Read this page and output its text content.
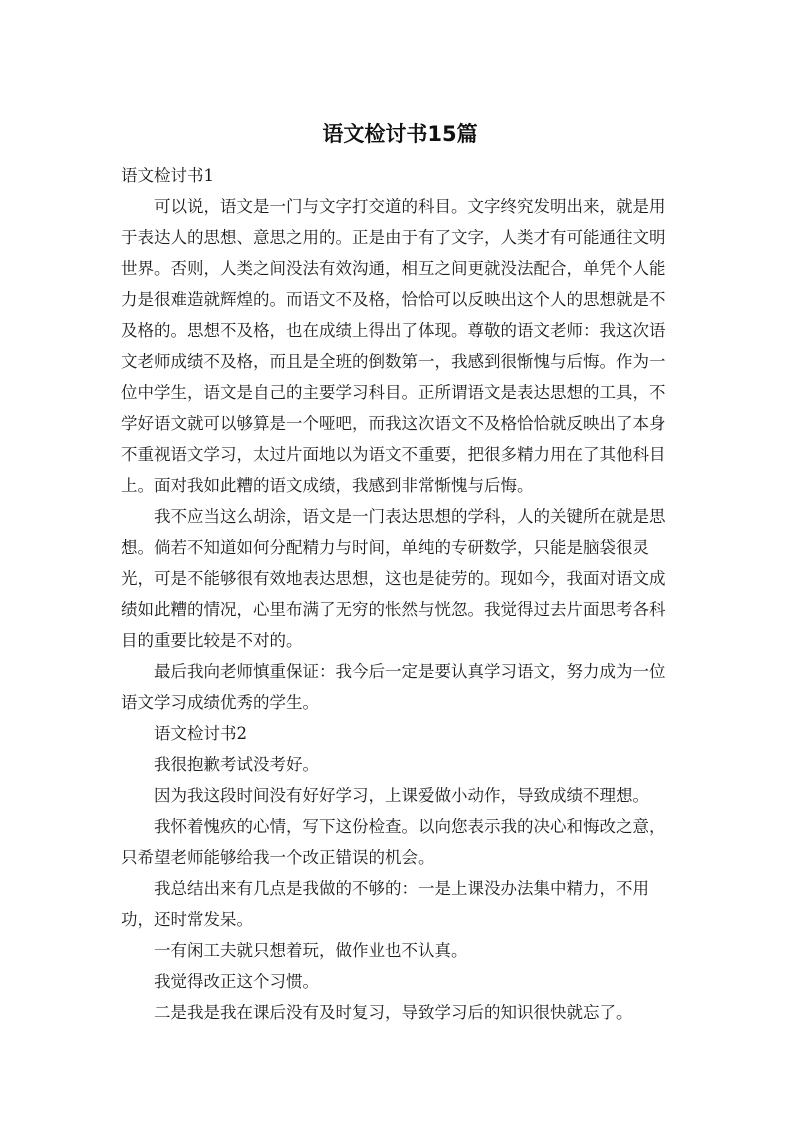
语文检讨书15篇

语文检讨书1

可以说，语文是一门与文字打交道的科目。文字终究发明出来，就是用于表达人的思想、意思之用的。正是由于有了文字，人类才有可能通往文明世界。否则，人类之间没法有效沟通，相互之间更就没法配合，单凭个人能力是很难造就辉煌的。而语文不及格，恰恰可以反映出这个人的思想就是不及格的。思想不及格，也在成绩上得出了体现。尊敬的语文老师：我这次语文老师成绩不及格，而且是全班的倒数第一，我感到很惭愧与后悔。作为一位中学生，语文是自己的主要学习科目。正所谓语文是表达思想的工具，不学好语文就可以够算是一个哑吧，而我这次语文不及格恰恰就反映出了本身不重视语文学习，太过片面地以为语文不重要，把很多精力用在了其他科目上。面对我如此糟的语文成绩，我感到非常惭愧与后悔。

我不应当这么胡涂，语文是一门表达思想的学科，人的关键所在就是思想。倘若不知道如何分配精力与时间，单纯的专研数学，只能是脑袋很灵光，可是不能够很有效地表达思想，这也是徒劳的。现如今，我面对语文成绩如此糟的情况，心里布满了无穷的怅然与恍忽。我觉得过去片面思考各科目的重要比较是不对的。

最后我向老师慎重保证：我今后一定是要认真学习语文，努力成为一位语文学习成绩优秀的学生。

语文检讨书2

我很抱歉考试没考好。

因为我这段时间没有好好学习，上课爱做小动作，导致成绩不理想。

我怀着愧疚的心情，写下这份检查。以向您表示我的决心和悔改之意，只希望老师能够给我一个改正错误的机会。

我总结出来有几点是我做的不够的：一是上课没办法集中精力，不用功，还时常发呆。

一有闲工夫就只想着玩，做作业也不认真。

我觉得改正这个习惯。

二是我是我在课后没有及时复习，导致学习后的知识很快就忘了。
